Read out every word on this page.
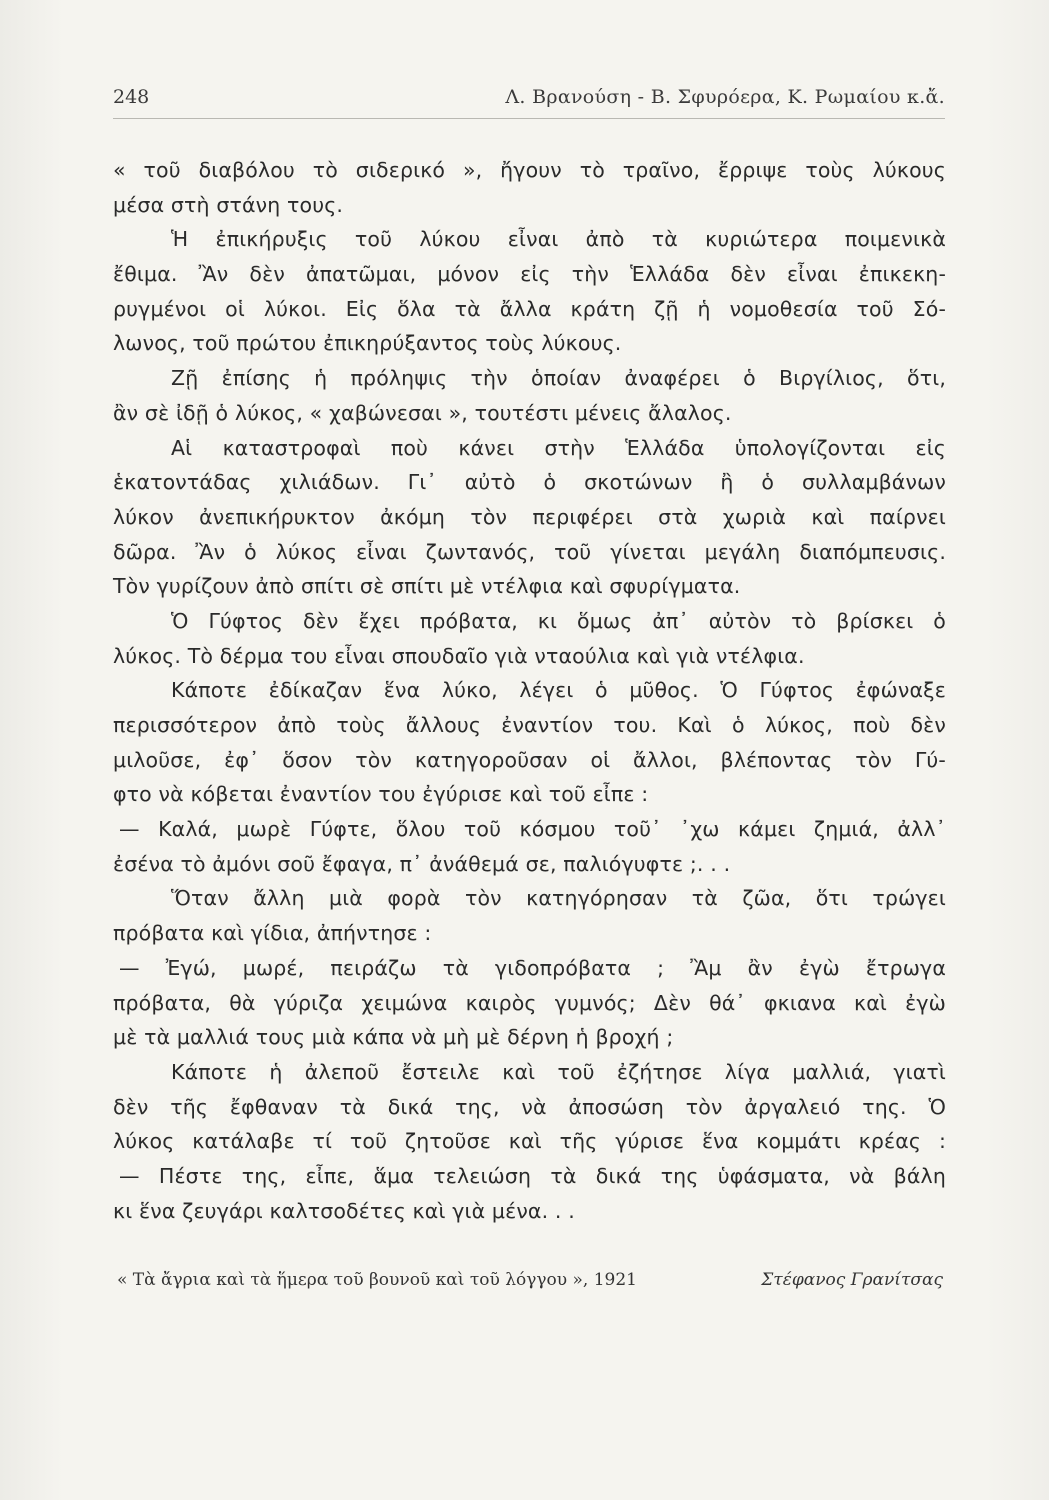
248	Λ. Βρανούση - Β. Σφυρόερα, Κ. Ρωμαίου κ.ἄ.
« τοῦ διαβόλου τὸ σιδερικό », ἤγουν τὸ τραῖνο, ἔρριψε τοὺς λύκους
μέσα στὴ στάνη τους.
Ἡ ἐπικήρυξις τοῦ λύκου εἶναι ἀπὸ τὰ κυριώτερα ποιμενικὰ
ἔθιμα. Ἂν δὲν ἀπατῶμαι, μόνον εἰς τὴν Ἑλλάδα δὲν εἶναι ἐπικεκη-
ρυγμένοι οἱ λύκοι. Εἰς ὅλα τὰ ἄλλα κράτη ζῇ ἡ νομοθεσία τοῦ Σό-
λωνος, τοῦ πρώτου ἐπικηρύξαντος τοὺς λύκους.
Ζῇ ἐπίσης ἡ πρόληψις τὴν ὁποίαν ἀναφέρει ὁ Βιργίλιος, ὅτι,
ἂν σὲ ἰδῇ ὁ λύκος, « χαβώνεσαι », τουτέστι μένεις ἄλαλος.
Αἱ καταστροφαὶ ποὺ κάνει στὴν Ἑλλάδα ὑπολογίζονται εἰς
ἑκατοντάδας χιλιάδων. Γι᾽ αὐτὸ ὁ σκοτώνων ἢ ὁ συλλαμβάνων
λύκον ἀνεπικήρυκτον ἀκόμη τὸν περιφέρει στὰ χωριὰ καὶ παίρνει
δῶρα. Ἂν ὁ λύκος εἶναι ζωντανός, τοῦ γίνεται μεγάλη διαπόμπευσις.
Τὸν γυρίζουν ἀπὸ σπίτι σὲ σπίτι μὲ ντέλφια καὶ σφυρίγματα.
Ὁ Γύφτος δὲν ἔχει πρόβατα, κι ὅμως ἀπ᾽ αὐτὸν τὸ βρίσκει ὁ
λύκος. Τὸ δέρμα του εἶναι σπουδαῖο γιὰ νταούλια καὶ γιὰ ντέλφια.
Κάποτε ἐδίκαζαν ἕνα λύκο, λέγει ὁ μῦθος. Ὁ Γύφτος ἐφώναξε
περισσότερον ἀπὸ τοὺς ἄλλους ἐναντίον του. Καὶ ὁ λύκος, ποὺ δὲν
μιλοῦσε, ἐφ᾽ ὅσον τὸν κατηγοροῦσαν οἱ ἄλλοι, βλέποντας τὸν Γύ-
φτο νὰ κόβεται ἐναντίον του ἐγύρισε καὶ τοῦ εἶπε :
— Καλά, μωρὲ Γύφτε, ὅλου τοῦ κόσμου τοῦ᾽ ᾽χω κάμει ζημιά, ἀλλ᾽
ἐσένα τὸ ἀμόνι σοῦ ἔφαγα, π᾽ ἀνάθεμά σε, παλιόγυφτε ;. . .
Ὅταν ἄλλη μιὰ φορὰ τὸν κατηγόρησαν τὰ ζῶα, ὅτι τρώγει
πρόβατα καὶ γίδια, ἀπήντησε :
— Ἐγώ, μωρέ, πειράζω τὰ γιδοπρόβατα ; Ἂμ ἂν ἐγὼ ἔτρωγα
πρόβατα, θὰ γύριζα χειμώνα καιρὸς γυμνός; Δὲν θά᾽ φκιανα καὶ ἐγὼ
μὲ τὰ μαλλιά τους μιὰ κάπα νὰ μὴ μὲ δέρνη ἡ βροχή ;
Κάποτε ἡ ἀλεποῦ ἔστειλε καὶ τοῦ ἐζήτησε λίγα μαλλιά, γιατὶ
δὲν τῆς ἔφθαναν τὰ δικά της, νὰ ἀποσώση τὸν ἀργαλειό της. Ὁ
λύκος κατάλαβε τί τοῦ ζητοῦσε καὶ τῆς γύρισε ἕνα κομμάτι κρέας :
— Πέστε της, εἶπε, ἅμα τελειώση τὰ δικά της ὑφάσματα, νὰ βάλη
κι ἕνα ζευγάρι καλτσοδέτες καὶ γιὰ μένα. . .
« Τὰ ἄγρια καὶ τὰ ἥμερα τοῦ βουνοῦ καὶ τοῦ λόγγου », 1921	Στέφανος Γρανίτσας
